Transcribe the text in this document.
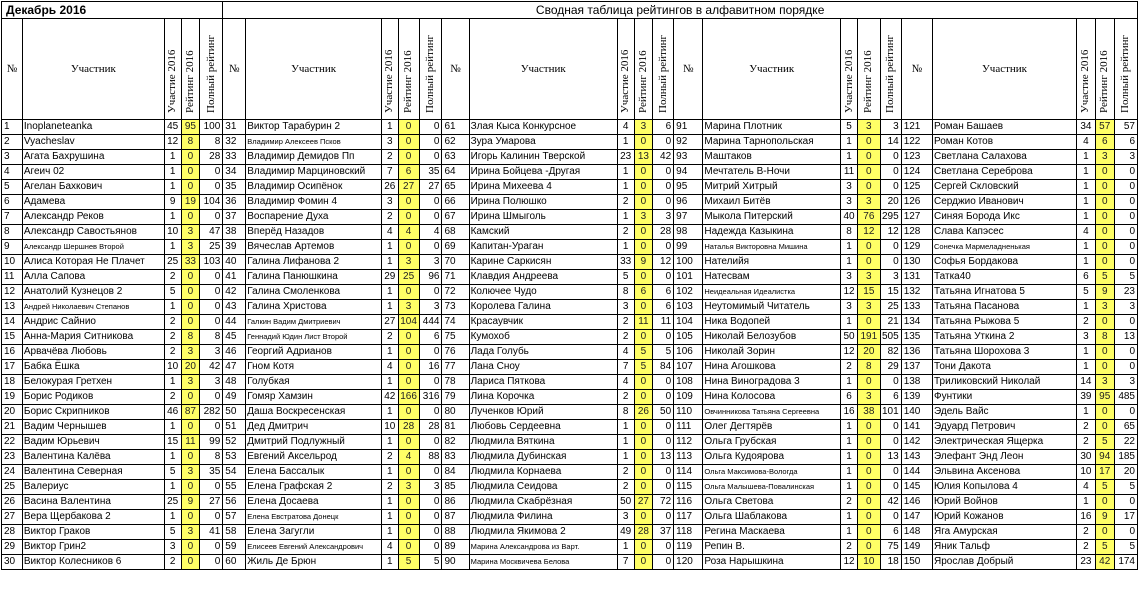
Декабрь 2016					Сводная таблица рейтингов в алфавитном порядке																			
№	Участник	Участие 2016	Рейтинг 2016	Полный рейтинг	№	Участник	Участие 2016	Рейтинг 2016	Полный рейтинг	№	Участник	Участие 2016	Рейтинг 2016	Полный рейтинг	№	Участник	Участие 2016	Рейтинг 2016	Полный рейтинг	№	Участник	Участие 2016	Рейтинг 2016	Полный рейтинг
1	Inoplaneteanka	45	95	100	31	Виктор Тарабурин 2	1	0	0	61	Злая Кыса Конкурсное	4	3	6	91	Марина Плотник	5	3	3	121	Роман Башаев	34	57	57
2	Vyacheslav	12	8	8	32	Владимир Алексеев Псков	3	0	0	62	Зура Умарова	1	0	0	92	Марина Тарнопольская	1	0	14	122	Роман Котов	4	6	6
3	Агата Бахрушина	1	0	28	33	Владимир Демидов Пп	2	0	0	63	Игорь Калинин Тверской	23	13	42	93	Маштаков	1	0	0	123	Светлана Салахова	1	3	3
4	Агеич 02	1	0	0	34	Владимир Марциновский	7	6	35	64	Ирина Бойцева -Другая	1	0	0	94	Мечтатель В-Ночи	11	0	0	124	Светлана Сереброва	1	0	0
5	Агелан Бахкович	1	0	0	35	Владимир Осипёнок	26	27	27	65	Ирина Михеева 4	1	0	0	95	Митрий Хитрый	3	0	0	125	Сергей Скловский	1	0	0
6	Адамева	9	19	104	36	Владимир Фомин 4	3	0	0	66	Ирина Полюшко	2	0	0	96	Михаил Битёв	3	3	20	126	Серджио Иванович	1	0	0
7	Александр Реков	1	0	0	37	Воспарение Духа	2	0	0	67	Ирина Шмыголь	1	3	3	97	Мыкола Питерский	40	76	295	127	Синяя Борода Икс	1	0	0
8	Александр Савостьянов	10	3	47	38	Вперёд Назадов	4	4	4	68	Камский	2	0	28	98	Надежда Казыкина	8	12	12	128	Слава Капэсес	4	0	0
9	Александр Шершнев Второй	1	3	25	39	Вячеслав Артемов	1	0	0	69	Капитан-Ураган	1	0	0	99	Наталья Викторовна Мишина	1	0	0	129	Сонечка Мармеладненькая	1	0	0
10	Алиса Которая Не Плачет	25	33	103	40	Галина Лифанова 2	1	3	3	70	Карине Саркисян	33	9	12	100	Нателийя	1	0	0	130	Софья Бордакова	1	0	0
11	Алла Сапова	2	0	0	41	Галина Панюшкина	29	25	96	71	Клавдия Андреева	5	0	0	101	Натесвам	3	3	3	131	Татка40	6	5	5
12	Анатолий Кузнецов 2	5	0	0	42	Галина Смоленкова	1	0	0	72	Колючее Чудо	8	6	6	102	Неидеальная Идеалистка	12	15	15	132	Татьяна Игнатова 5	5	9	23
13	Андрей Николаевич Степанов	1	0	0	43	Галина Христова	1	3	3	73	Королева Галина	3	0	6	103	Неутомимый Читатель	3	3	25	133	Татьяна Пасанова	1	3	3
14	Андрис Сайнио	2	0	0	44	Галкин Вадим Дмитриевич	27	104	444	74	Красаувчик	2	11	11	104	Ника Водопей	1	0	21	134	Татьяна Рыжова 5	2	0	0
15	Анна-Мария Ситникова	2	8	8	45	Геннадий Юдин Лист Второй	2	0	6	75	Кумохоб	2	0	0	105	Николай Белозубов	50	191	505	135	Татьяна Уткина 2	3	8	13
16	Арвачёва Любовь	2	3	3	46	Георгий Адрианов	1	0	0	76	Лада Голубь	4	5	5	106	Николай Зорин	12	20	82	136	Татьяна Шорохова 3	1	0	0
17	Бабка Ёшка	10	20	42	47	Гном Котя	4	0	16	77	Лана Сноу	7	5	84	107	Нина Агошкова	2	8	29	137	Тони Дакота	1	0	0
18	Белокурая Гретхен	1	3	3	48	Голубкая	1	0	0	78	Лариса Пяткова	4	0	0	108	Нина Виноградова 3	1	0	0	138	Триликовский Николай	14	3	3
19	Борис Родиков	2	0	0	49	Гомяр Хамзин	42	166	316	79	Лина Корочка	2	0	0	109	Нина Колосова	6	3	6	139	Фунтики	39	95	485
20	Борис Скрипников	46	87	282	50	Даша Воскресенская	1	0	0	80	Лученков Юрий	8	26	50	110	Овчинникова Татьяна Сергеевна	16	38	101	140	Эдель Вайс	1	0	0
21	Вадим Чернышев	1	0	0	51	Дед Дмитрич	10	28	28	81	Любовь Сердеевна	1	0	0	111	Олег Дегтярёв	1	0	0	141	Эдуард Петрович	2	0	65
22	Вадим Юрьевич	15	11	99	52	Дмитрий Подлужный	1	0	0	82	Людмила Вяткина	1	0	0	112	Ольга Грубская	1	0	0	142	Электрическая Ящерка	2	5	22
23	Валентина Калёва	1	0	8	53	Евгений Аксельрод	2	4	88	83	Людмила Дубинская	1	0	13	113	Ольга Кудоярова	1	0	13	143	Элефант Энд Леон	30	94	185
24	Валентина Северная	5	3	35	54	Елена Бассалык	1	0	0	84	Людмила Корнаева	2	0	0	114	Ольга Максимова-Вологда	1	0	0	144	Эльвина Аксенова	10	17	20
25	Валериус	1	0	0	55	Елена Графская 2	2	3	3	85	Людмила Сеидова	2	0	0	115	Ольга Малышева-Повалинская	1	0	0	145	Юлия Копылова 4	4	5	5
26	Васина Валентина	25	9	27	56	Елена Досаева	1	0	0	86	Людмила Скабрёзная	50	27	72	116	Ольга Светова	2	0	42	146	Юрий Войнов	1	0	0
27	Вера Щербакова 2	1	0	0	57	Елена Евстратова Донецк	1	0	0	87	Людмила Филина	3	0	0	117	Ольга Шаблакова	1	0	0	147	Юрий Кожанов	16	9	17
28	Виктор Граков	5	3	41	58	Елена Загугли	1	0	0	88	Людмила Якимова 2	49	28	37	118	Регина Маскаева	1	0	6	148	Яга Амурская	2	0	0
29	Виктор Грин2	3	0	0	59	Елисеев Евгений Александрович	4	0	0	89	Марина Александрова из Варт.	1	0	0	119	Репин В.	2	0	75	149	Яник Тальф	2	5	5
30	Виктор Колесников 6	2	0	0	60	Жиль Де Брюн	1	5	5	90	Марина Москвичева Белова	7	0	0	120	Роза Нарышкина	12	10	18	150	Ярослав Добрый	23	42	174
